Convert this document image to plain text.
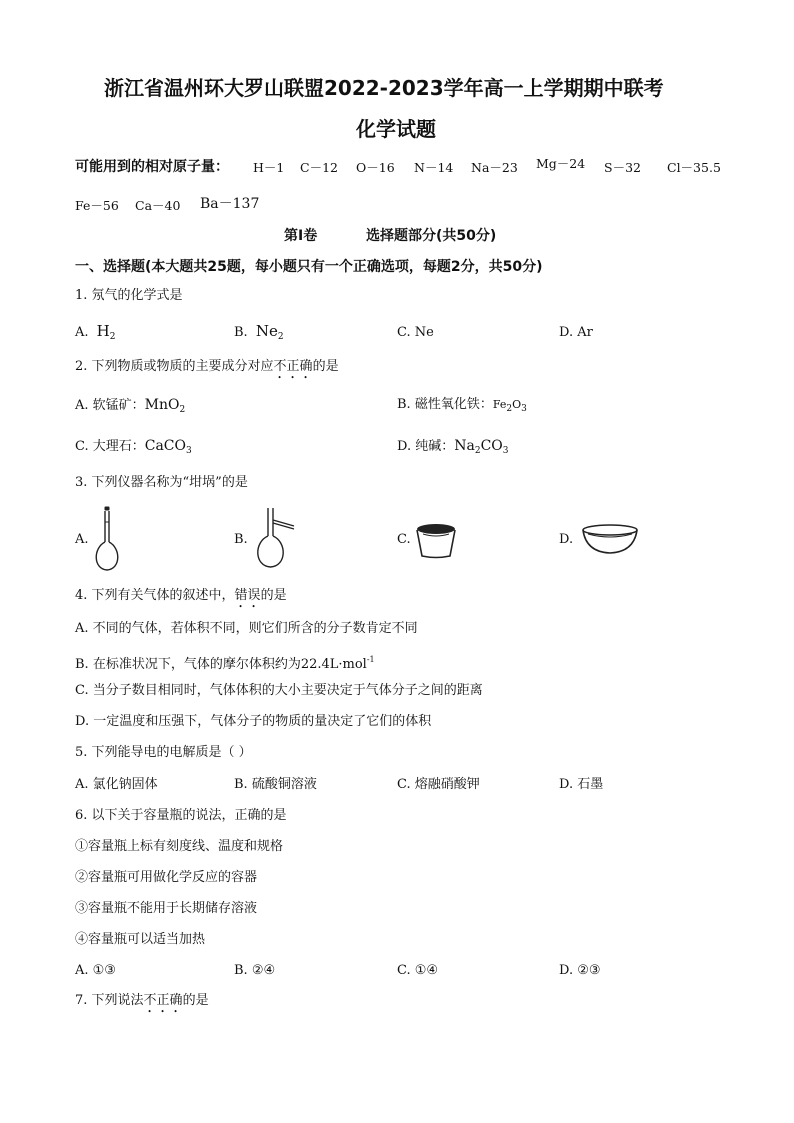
浙江省温州环大罗山联盟2022-2023学年高一上学期期中联考
化学试题
可能用到的相对原子量： H－1 C－12 O－16 N－14 Na－23 Mg－24 S－32 Cl－35.5
Fe－56 Ca－40 Ba－137
第Ⅰ卷	选择题部分(共50分)
一、选择题(本大题共25题，每小题只有一个正确选项，每题2分，共50分)
1. 氖气的化学式是
A. $H_2$	B. $Ne_2$	C. Ne	D. Ar
2. 下列物质或物质的主要成分对应不正确的是
A. 软锰矿：MnO$_2$	B. 磁性氧化铁：$Fe_2O_3$
C. 大理石：CaCO$_3$	D. 纯碱：$Na_2CO_3$
3. 下列仪器名称为“坩埚”的是
A.	B.	C.	D.
4. 下列有关气体的叙述中，错误的是
A. 不同的气体，若体积不同，则它们所含的分子数肯定不同
B. 在标准状况下，气体的摩尔体积约为22.4L·mol$^{-1}$
C. 当分子数目相同时，气体体积的大小主要决定于气体分子之间的距离
D. 一定温度和压强下，气体分子的物质的量决定了它们的体积
5. 下列能导电的电解质是（ ）
A. 氯化钠固体	B. 硫酸铜溶液	C. 熔融硝酸钾	D. 石墨
6. 以下关于容量瓶的说法，正确的是
①容量瓶上标有刻度线、温度和规格
②容量瓶可用做化学反应的容器
③容量瓶不能用于长期储存溶液
④容量瓶可以适当加热
A. ①③	B. ②④	C. ①④	D. ②③
7. 下列说法不正确的是
